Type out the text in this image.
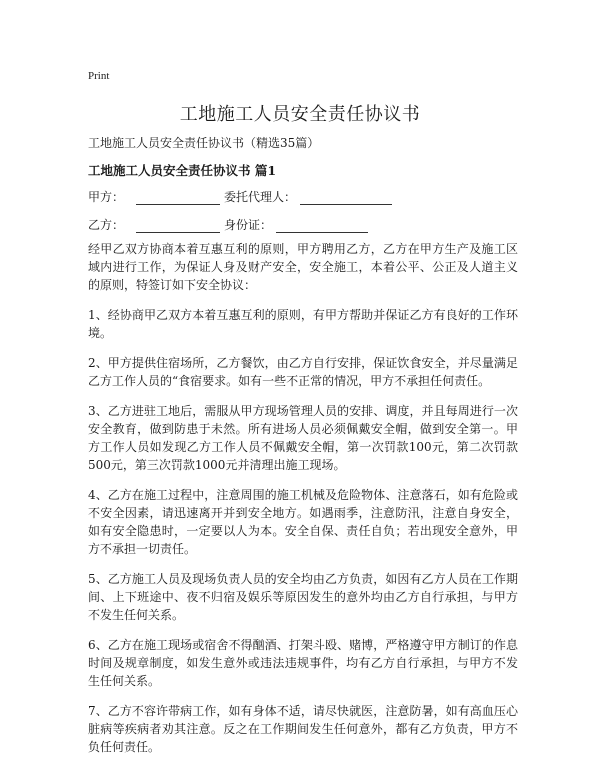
Print
工地施工人员安全责任协议书
工地施工人员安全责任协议书（精选35篇）
工地施工人员安全责任协议书 篇1
甲方：	委托代理人：
乙方：	身份证：

经甲乙双方协商本着互惠互利的原则，甲方聘用乙方，乙方在甲方生产及施工区域内进行工作，为保证人身及财产安全，安全施工，本着公平、公正及人道主义的原则，特签订如下安全协议：

1、经协商甲乙双方本着互惠互利的原则，有甲方帮助并保证乙方有良好的工作环境。

2、甲方提供住宿场所，乙方餐饮，由乙方自行安排，保证饮食安全，并尽量满足乙方工作人员的“食宿要求。如有一些不正常的情况，甲方不承担任何责任。

3、乙方进驻工地后，需服从甲方现场管理人员的安排、调度，并且每周进行一次安全教育，做到防患于未然。所有进场人员必须佩戴安全帽，做到安全第一。甲方工作人员如发现乙方工作人员不佩戴安全帽，第一次罚款100元，第二次罚款500元，第三次罚款1000元并清理出施工现场。

4、乙方在施工过程中，注意周围的施工机械及危险物体、注意落石，如有危险或不安全因素，请迅速离开并到安全地方。如遇雨季，注意防汛，注意自身安全，如有安全隐患时，一定要以人为本。安全自保、责任自负；若出现安全意外，甲方不承担一切责任。

5、乙方施工人员及现场负责人员的安全均由乙方负责，如因有乙方人员在工作期间、上下班途中、夜不归宿及娱乐等原因发生的意外均由乙方自行承担，与甲方不发生任何关系。

6、乙方在施工现场或宿舍不得酗酒、打架斗殴、赌博，严格遵守甲方制订的作息时间及规章制度，如发生意外或违法违规事件，均有乙方自行承担，与甲方不发生任何关系。

7、乙方不容许带病工作，如有身体不适，请尽快就医，注意防暑，如有高血压心脏病等疾病者劝其注意。反之在工作期间发生任何意外，都有乙方负责，甲方不负任何责任。
